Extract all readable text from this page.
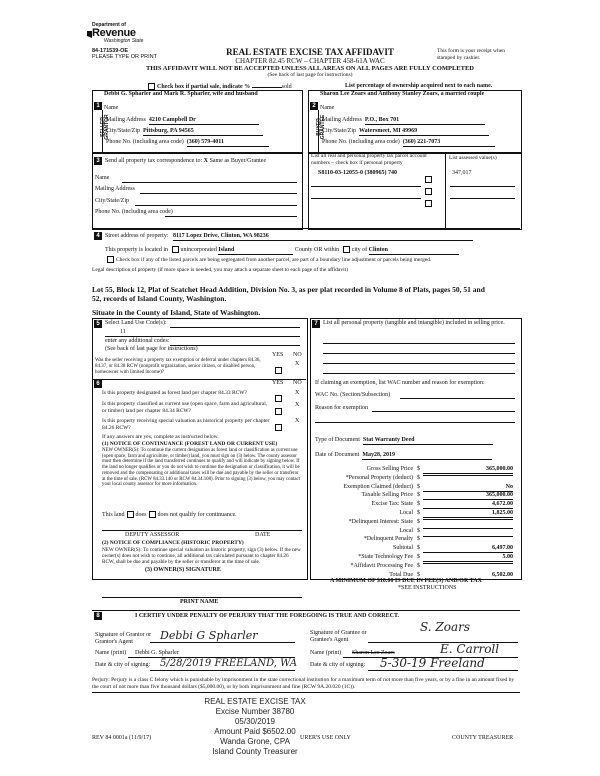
Department of
Revenue
Washington State
84-171539-OE
PLEASE TYPE OR PRINT	REAL ESTATE EXCISE TAX AFFIDAVIT
CHAPTER 82.45 RCW – CHAPTER 458-61A WAC
THIS AFFIDAVIT WILL NOT BE ACCEPTED UNLESS ALL AREAS ON ALL PAGES ARE FULLY COMPLETED
(See back of last page for instructions)
This form is your receipt when stamped by cashier.
Check box if partial sale, indicate %	sold	List percentage of ownership acquired next to each name.
1
Debbi G. Spharler and Mark R. Spharler, wife and husband
Name
SELLER GRANTOR
Mailing Address 4210 Campbell Dr
City/State/Zip Pittsburg, PA 94565
Phone No. (including area code) (360) 579-4011
2
Sharon Lee Zoars and Anthony Stanley Zoars, a married couple
Name
BUYER GRANTEE
Mailing Address P.O., Box 701
City/State/Zip Watersmeet, MI 49969
Phone No. (including area code) (360) 221-7073
3 Send all property tax correspondence to: X Same as Buyer/Grantee
Name
Mailing Address
City/State/Zip
Phone No. (including area code)
List all real and personal property tax parcel account numbers – check box if personal property
List assessed value(s)
S8110-03-12055-0 (380965) 740	347,017
4 Street address of property: 8117 Lopez Drive, Clinton, WA 98236
This property is located in unincorporated Island	County OR within city of Clinton
Check box if any of the listed parcels are being segregated from another parcel, are part of a boundary line adjustment or parcels being merged.
Legal description of property (if more space is needed, you may attach a separate sheet to each page of the affidavit)
Lot 55, Block 12, Plat of Scatchet Head Addition, Division No. 3, as per plat recorded in Volume 8 of Plats, pages 50, 51 and
52, records of Island County, Washington.
Situate in the County of Island, State of Washington.
5 Select Land Use Code(s):
11
enter any additional codes:
(See back of last page for instructions)
YES NO
Was the seller receiving a property tax exemption or deferral under chapters 84.36, 84.37, or 84.38 RCW (nonprofit organization, senior citizen, or disabled person, homeowner with limited income)?
X
6	YES NO
Is this property designated as forest land per chapter 84.33 RCW?	X
Is this property classified as current use (open space, farm and agricultural, or timber) land per chapter 84.34 RCW?
X
Is this property receiving special valuation as historical property per chapter 84.26 RCW?
X
If any answers are yes, complete as instructed below.
(1) NOTICE OF CONTINUANCE (FOREST LAND OR CURRENT USE)
NEW OWNER(S): To continue the current designation as forest land or classification as current use (open space, farm and agriculture, or timber) land, you must sign on (3) below. The county assessor must then determine if the land transferred continues to qualify and will indicate by signing below. If the land no longer qualifies or you do not wish to continue the designation or classification, it will be removed and the compensating or additional taxes will be due and payable by the seller or transferor at the time of sale. (RCW 84.33.140 or RCW 84.34.108). Prior to signing (3) below, you may contact your local county assessor for more information.
This land does does not qualify for continuance.
DEPUTY ASSESSOR	DATE
(2) NOTICE OF COMPLIANCE (HISTORIC PROPERTY)
NEW OWNER(S): To continue special valuation as historic property, sign (3) below. If the new owner(s) does not wish to continue, all additional tax calculated pursuant to chapter 84.26 RCW, shall be due and payable by the seller or transferor at the time of sale.
(3) OWNER(S) SIGNATURE
PRINT NAME
7 List all personal property (tangible and intangible) included in selling price.
If claiming an exemption, list WAC number and reason for exemption:
WAC No. (Section/Subsection)
Reason for exemption
Type of Document Stat Warranty Deed
Date of Document May28, 2019
Gross Selling Price $	365,000.00
*Personal Property (deduct) $
Exemption Claimed (deduct) $	No
Taxable Selling Price $	365,000.00
Excise Tax: State $	4,672.00
Local $	1,825.00
*Delinquent Interest: State $
Local $
*Delinquent Penalty $
Subtotal $	6,497.00
*State Technology Fee $	5.00
*Affidavit Processing Fee $
Total Due $	6,502.00
A MINIMUM OF $10.00 IS DUE IN FEE(S) AND/OR TAX
*SEE INSTRUCTIONS
8	I CERTIFY UNDER PENALTY OF PERJURY THAT THE FOREGOING IS TRUE AND CORRECT.
Signature of Grantor or Grantor's Agent	Debbi G Spharler
Name (print) Debbi G. Spharler
Date & city of signing: 5/28/2019 FREELAND, WA
Signature of Grantee or Grantee's Agent
S. Zoars
Name (print) Sharon Lee Zoars	E. Carroll
Date & city of signing: 5-30-19 Freeland
Perjury: Perjury is a class C felony which is punishable by imprisonment in the state correctional institution for a maximum term of not more than five years, or by a fine in an amount fixed by the court of not more than five thousand dollars ($5,000.00), or by both imprisonment and fine (RCW 9A.20.020 (1C)).
REAL ESTATE EXCISE TAX
Excise Number 38780
05/30/2019
Amount Paid $6502.00
Wanda Grone, CPA
Island County Treasurer
REV 84 0001a (11/9/17)	URER'S USE ONLY	COUNTY TREASURER
